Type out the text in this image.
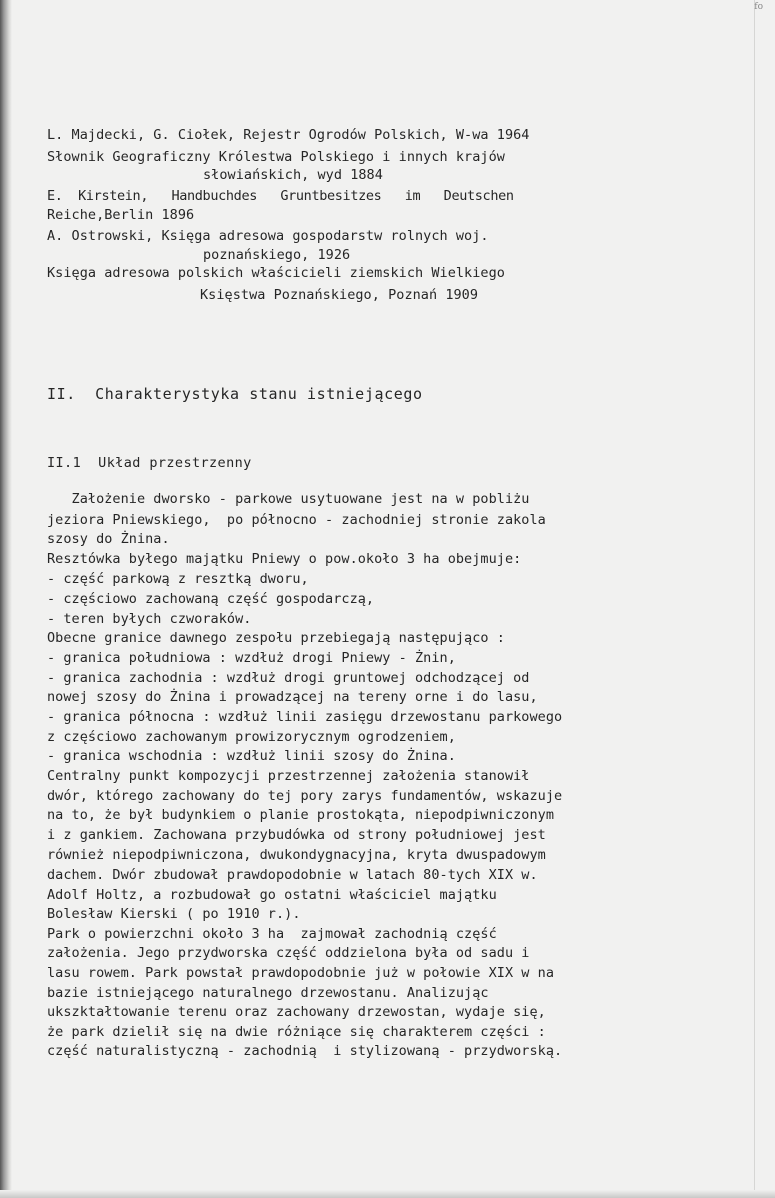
fo
L. Majdecki, G. Ciołek, Rejestr Ogrodów Polskich, W-wa 1964
Słownik Geograficzny Królestwa Polskiego i innych krajów
słowiańskich, wyd 1884
E.  Kirstein,   Handbuchdes   Gruntbesitzes   im   Deutschen
Reiche,Berlin 1896
A. Ostrowski, Księga adresowa gospodarstw rolnych woj.
poznańskiego, 1926
Księga adresowa polskich właścicieli ziemskich Wielkiego
Księstwa Poznańskiego, Poznań 1909
II.  Charakterystyka stanu istniejącego
II.1  Układ przestrzenny
Założenie dworsko - parkowe usytuowane jest na w pobliżu
jeziora Pniewskiego,  po północno - zachodniej stronie zakola
szosy do Żnina.
Resztówka byłego majątku Pniewy o pow.około 3 ha obejmuje:
- część parkową z resztką dworu,
- częściowo zachowaną część gospodarczą,
- teren byłych czworaków.
Obecne granice dawnego zespołu przebiegają następująco :
- granica południowa : wzdłuż drogi Pniewy - Żnin,
- granica zachodnia : wzdłuż drogi gruntowej odchodzącej od
nowej szosy do Żnina i prowadzącej na tereny orne i do lasu,
- granica północna : wzdłuż linii zasięgu drzewostanu parkowego
z częściowo zachowanym prowizorycznym ogrodzeniem,
- granica wschodnia : wzdłuż linii szosy do Żnina.
Centralny punkt kompozycji przestrzennej założenia stanowił
dwór, którego zachowany do tej pory zarys fundamentów, wskazuje
na to, że był budynkiem o planie prostokąta, niepodpiwniczonym
i z gankiem. Zachowana przybudówka od strony południowej jest
również niepodpiwniczona, dwukondygnacyjna, kryta dwuspadowym
dachem. Dwór zbudował prawdopodobnie w latach 80-tych XIX w.
Adolf Holtz, a rozbudował go ostatni właściciel majątku
Bolesław Kierski ( po 1910 r.).
Park o powierzchni około 3 ha  zajmował zachodnią część
założenia. Jego przydworska część oddzielona była od sadu i
lasu rowem. Park powstał prawdopodobnie już w połowie XIX w na
bazie istniejącego naturalnego drzewostanu. Analizując
ukszktałtowanie terenu oraz zachowany drzewostan, wydaje się,
że park dzielił się na dwie różniące się charakterem części :
część naturalistyczną - zachodnią  i stylizowaną - przydworską.
